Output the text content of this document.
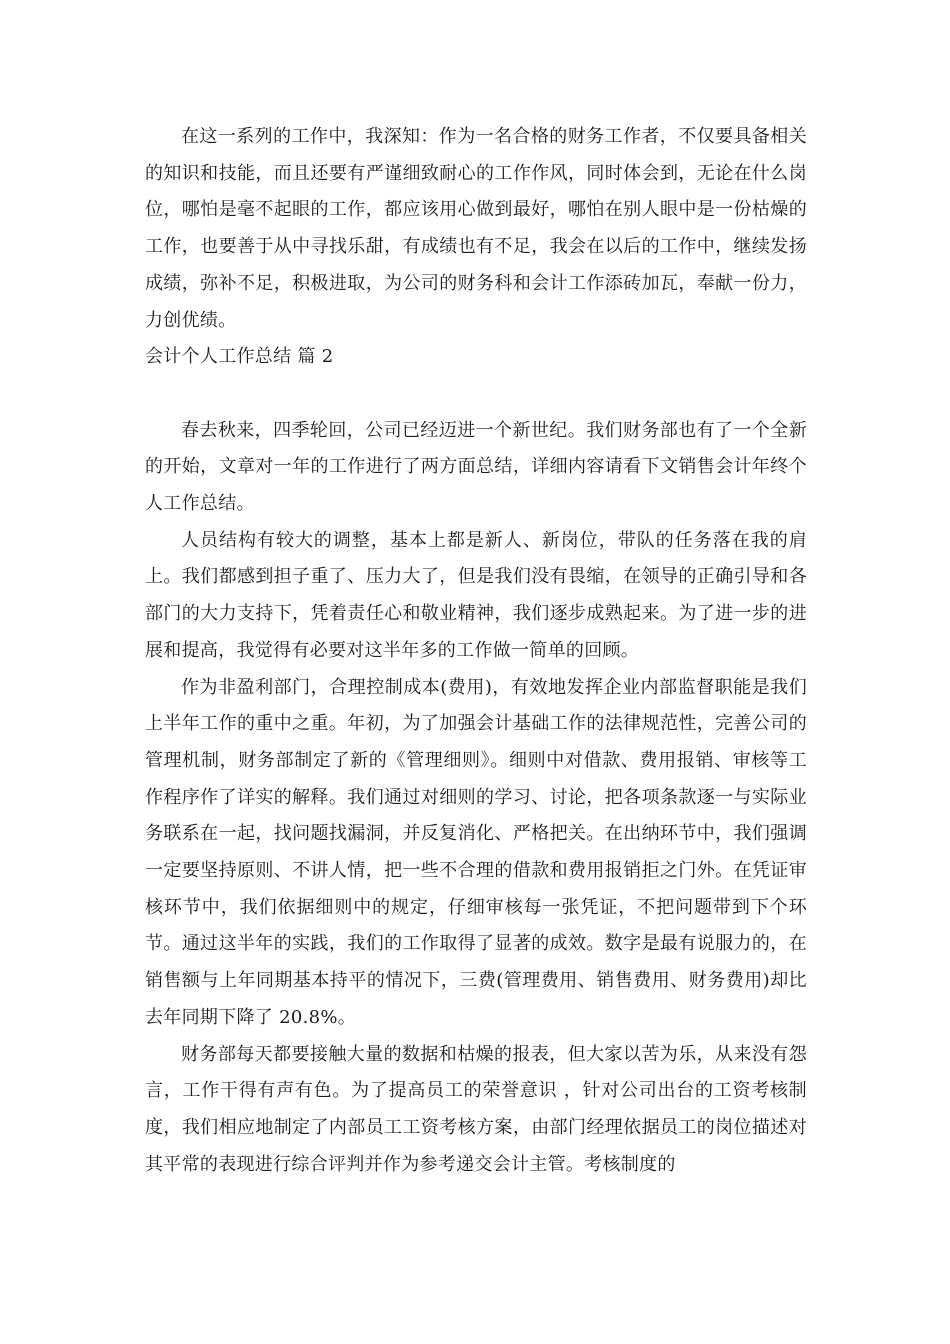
在这一系列的工作中，我深知：作为一名合格的财务工作者，不仅要具备相关的知识和技能，而且还要有严谨细致耐心的工作作风，同时体会到，无论在什么岗位，哪怕是毫不起眼的工作，都应该用心做到最好，哪怕在别人眼中是一份枯燥的工作，也要善于从中寻找乐甜，有成绩也有不足，我会在以后的工作中，继续发扬成绩，弥补不足，积极进取，为公司的财务科和会计工作添砖加瓦，奉献一份力，力创优绩。

会计个人工作总结 篇 2

春去秋来，四季轮回，公司已经迈进一个新世纪。我们财务部也有了一个全新的开始，文章对一年的工作进行了两方面总结，详细内容请看下文销售会计年终个人工作总结。

人员结构有较大的调整，基本上都是新人、新岗位，带队的任务落在我的肩上。我们都感到担子重了、压力大了，但是我们没有畏缩，在领导的正确引导和各部门的大力支持下，凭着责任心和敬业精神，我们逐步成熟起来。为了进一步的进展和提高，我觉得有必要对这半年多的工作做一简单的回顾。

作为非盈利部门，合理控制成本(费用)，有效地发挥企业内部监督职能是我们上半年工作的重中之重。年初，为了加强会计基础工作的法律规范性，完善公司的管理机制，财务部制定了新的《管理细则》。细则中对借款、费用报销、审核等工作程序作了详实的解释。我们通过对细则的学习、讨论，把各项条款逐一与实际业务联系在一起，找问题找漏洞，并反复消化、严格把关。在出纳环节中，我们强调一定要坚持原则、不讲人情，把一些不合理的借款和费用报销拒之门外。在凭证审核环节中，我们依据细则中的规定，仔细审核每一张凭证，不把问题带到下个环节。通过这半年的实践，我们的工作取得了显著的成效。数字是最有说服力的，在销售额与上年同期基本持平的情况下，三费(管理费用、销售费用、财务费用)却比去年同期下降了 20.8%。

财务部每天都要接触大量的数据和枯燥的报表，但大家以苦为乐，从来没有怨言，工作干得有声有色。为了提高员工的荣誉意识 ，针对公司出台的工资考核制度，我们相应地制定了内部员工工资考核方案，由部门经理依据员工的岗位描述对其平常的表现进行综合评判并作为参考递交会计主管。考核制度的
